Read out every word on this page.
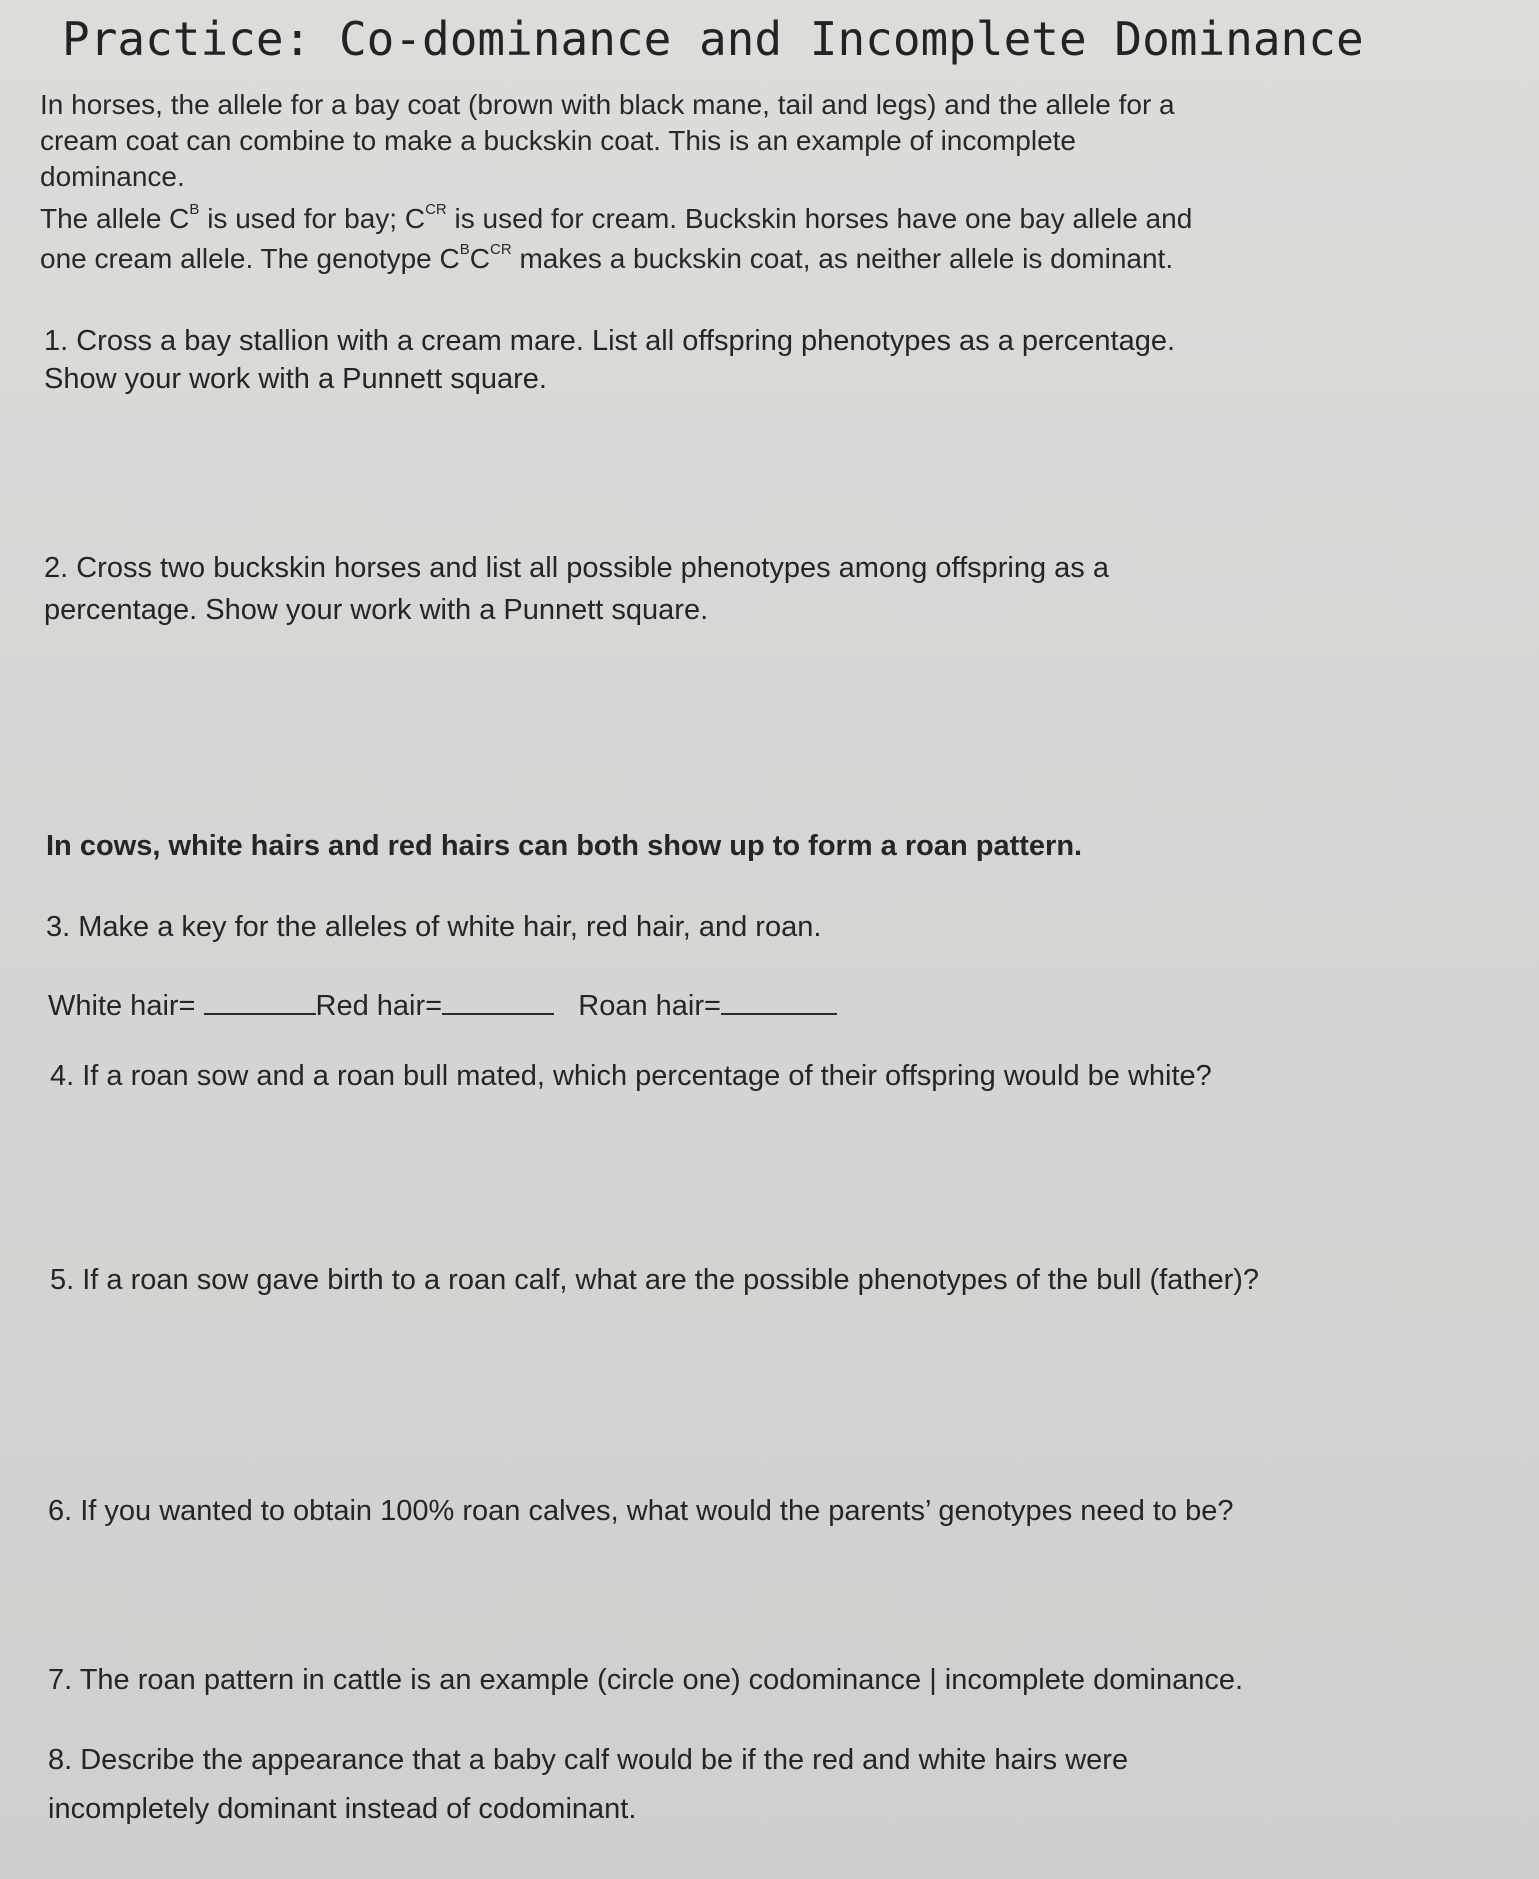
Practice: Co-dominance and Incomplete Dominance
In horses, the allele for a bay coat (brown with black mane, tail and legs) and the allele for a
cream coat can combine to make a buckskin coat. This is an example of incomplete
dominance.
The allele $C^B$ is used for bay; $C^{CR}$ is used for cream. Buckskin horses have one bay allele and
one cream allele. The genotype $C^BC^{CR}$ makes a buckskin coat, as neither allele is dominant.
1. Cross a bay stallion with a cream mare. List all offspring phenotypes as a percentage.
Show your work with a Punnett square.
2. Cross two buckskin horses and list all possible phenotypes among offspring as a
percentage. Show your work with a Punnett square.
In cows, white hairs and red hairs can both show up to form a roan pattern.
3. Make a key for the alleles of white hair, red hair, and roan.
White hair=	Red hair=	Roan hair=
4. If a roan sow and a roan bull mated, which percentage of their offspring would be white?
5. If a roan sow gave birth to a roan calf, what are the possible phenotypes of the bull (father)?
6. If you wanted to obtain 100% roan calves, what would the parents’ genotypes need to be?
7. The roan pattern in cattle is an example (circle one) codominance | incomplete dominance.
8. Describe the appearance that a baby calf would be if the red and white hairs were
incompletely dominant instead of codominant.
